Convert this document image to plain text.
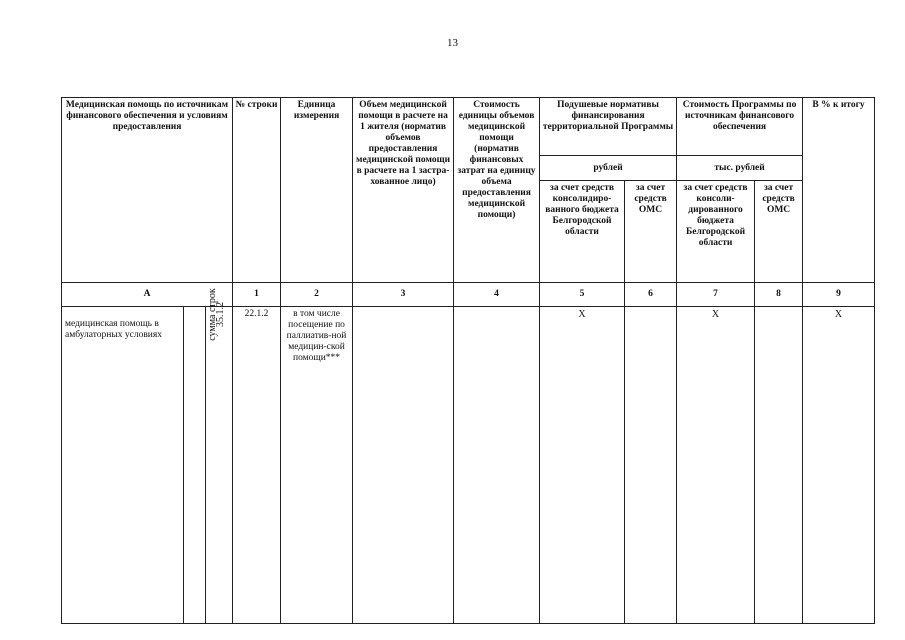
13
Медицинская помощь по источникам финансового обеспечения и условиям предоставления			№ строки	Единица измерения	Объем медицинской помощи в расчете на 1 жителя (норматив объемов предоставления медицинской помощи в расчете на 1 застра-хованное лицо)	Стоимость единицы объемов медицинской помощи (норматив финансовых затрат на единицу объема предоставления медицинской помощи)	Подушевые нормативы финансирования территориальной Программы		Стоимость Программы по источникам финансового обеспечения		В % к итогу
							рублей		тыс. рублей		
							за счет средств консолидиро-ванного бюджета Белгородской области	за счет средств ОМС	за счет средств консоли-дированного бюджета Белгородской области	за счет средств ОМС	
А			1	2	3	4	5	6	7	8	9
медицинская помощь в амбулаторных условиях	сумма строк	35.1.2	22.1.2	в том числе посещение по паллиатив-ной медицин-ской помощи***			X		X		X
